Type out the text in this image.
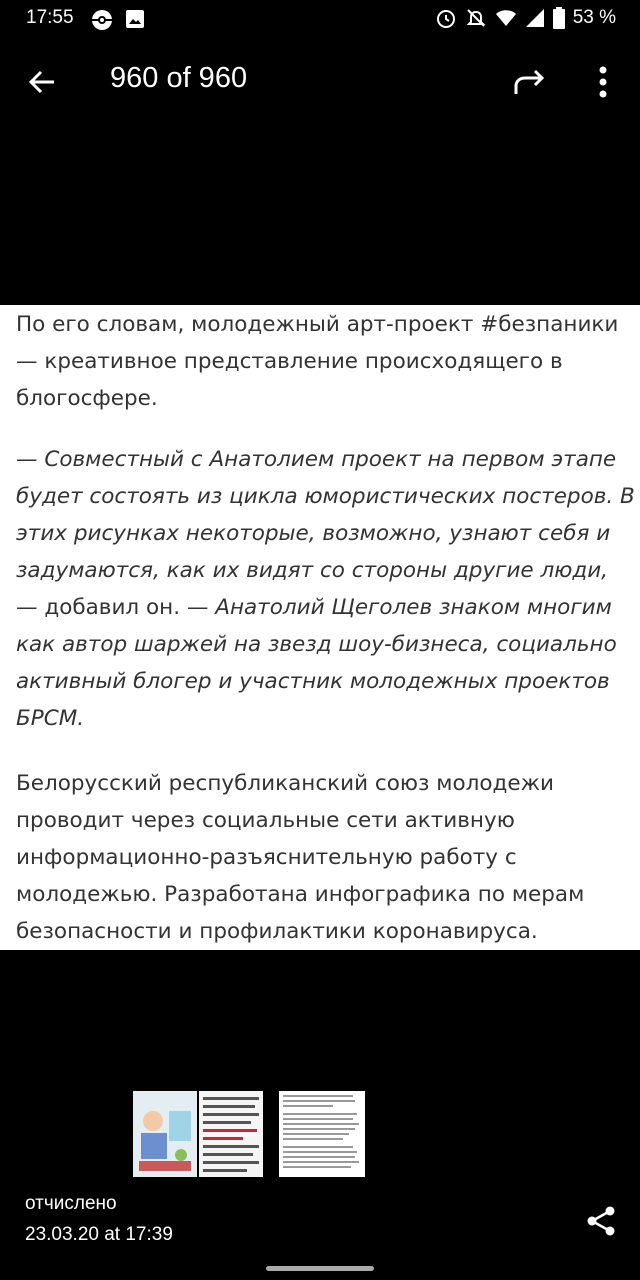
17:55	53 %
960 of 960

По его словам, молодежный арт-проект #безпаники — креативное представление происходящего в блогосфере.

— Совместный с Анатолием проект на первом этапе будет состоять из цикла юмористических постеров. В этих рисунках некоторые, возможно, узнают себя и задумаются, как их видят со стороны другие люди, — добавил он. — Анатолий Щеголев знаком многим как автор шаржей на звезд шоу-бизнеса, социально активный блогер и участник молодежных проектов БРСМ.

Белорусский республиканский союз молодежи проводит через социальные сети активную информационно-разъяснительную работу с молодежью. Разработана инфографика по мерам безопасности и профилактики коронавируса.

отчислено
23.03.20 at 17:39
